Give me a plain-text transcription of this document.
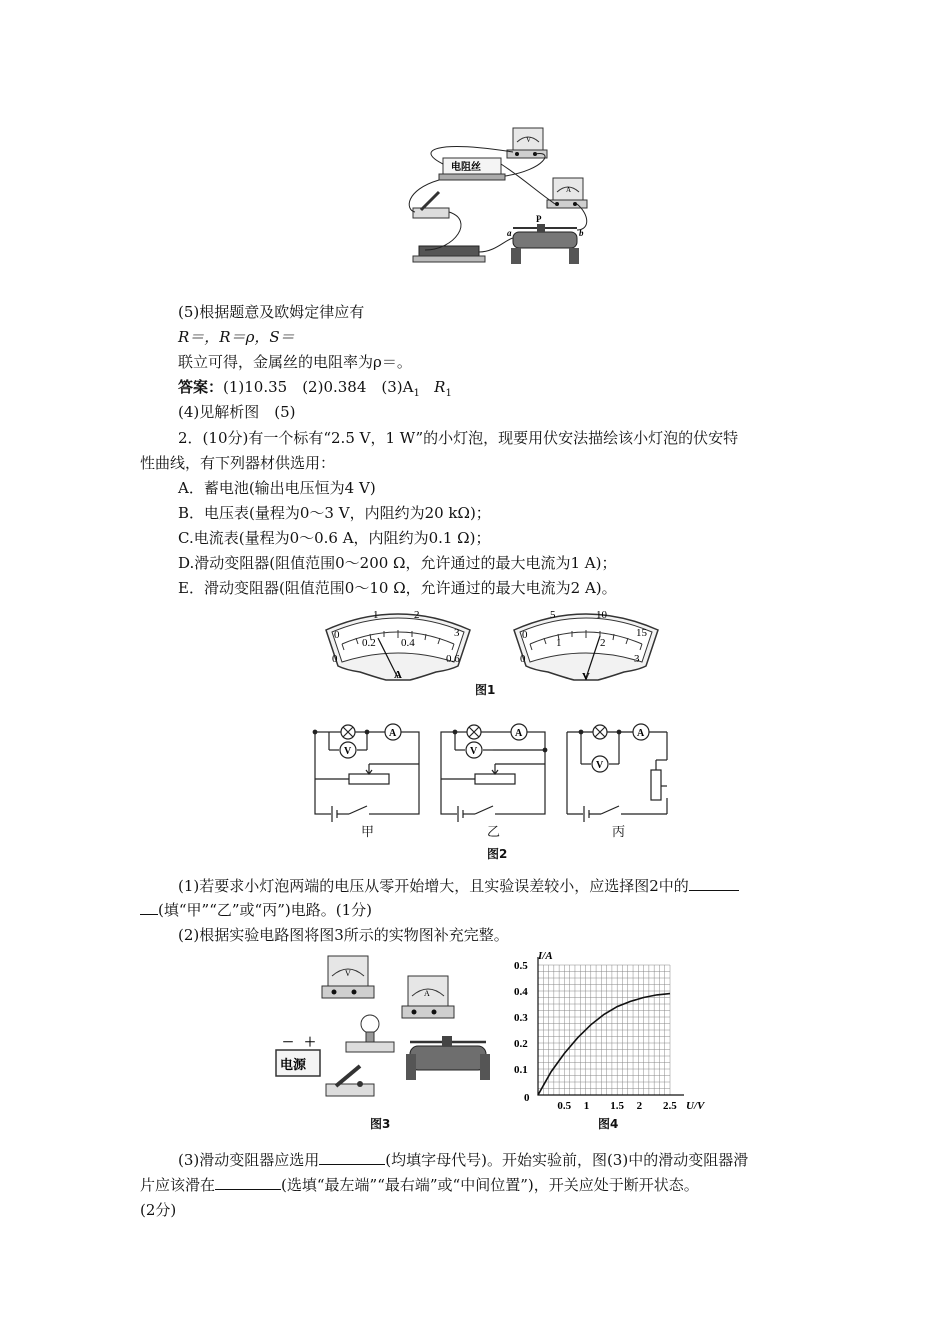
V
电阻丝
A
a	b
P
(5)根据题意及欧姆定律应有
R＝，R＝ρ，S＝
联立可得，金属丝的电阻率为ρ＝。
答案：(1)10.35　(2)0.384　$(3)A_1$ $R_1$
(4)见解析图　(5)
2．(10分)有一个标有“2.5 V，1 W”的小灯泡，现要用伏安法描绘该小灯泡的伏安特
性曲线，有下列器材供选用：
A．蓄电池(输出电压恒为4 V)
B．电压表(量程为0～3 V，内阻约为20 kΩ)；
C.电流表(量程为0～0.6 A，内阻约为0.1 Ω)；
D.滑动变阻器(阻值范围0～200 Ω，允许通过的最大电流为1 A)；
E．滑动变阻器(阻值范围0～10 Ω，允许通过的最大电流为2 A)。
1	2
0	3
0
0.2 0.4
0.6
A
5	10
0	15
0
1	2
3
V
图1
A
V
A
V
A
V
甲	乙	丙
图2
(1)若要求小灯泡两端的电压从零开始增大，且实验误差较小，应选择图2中的
(填“甲”“乙”或“丙”)电路。(1分)
(2)根据实验电路图将图3所示的实物图补充完整。
V
A
电源
－ ＋
图3
0.5 1 1.5 2 2.5
0.1
0.2
0.3
0.4
0.5
I/A
U/V
0
图4
(3)滑动变阻器应选用	(均填字母代号)。开始实验前，图(3)中的滑动变阻器滑
片应该滑在	(选填“最左端”“最右端”或“中间位置”)，开关应处于断开状态。
(2分)
